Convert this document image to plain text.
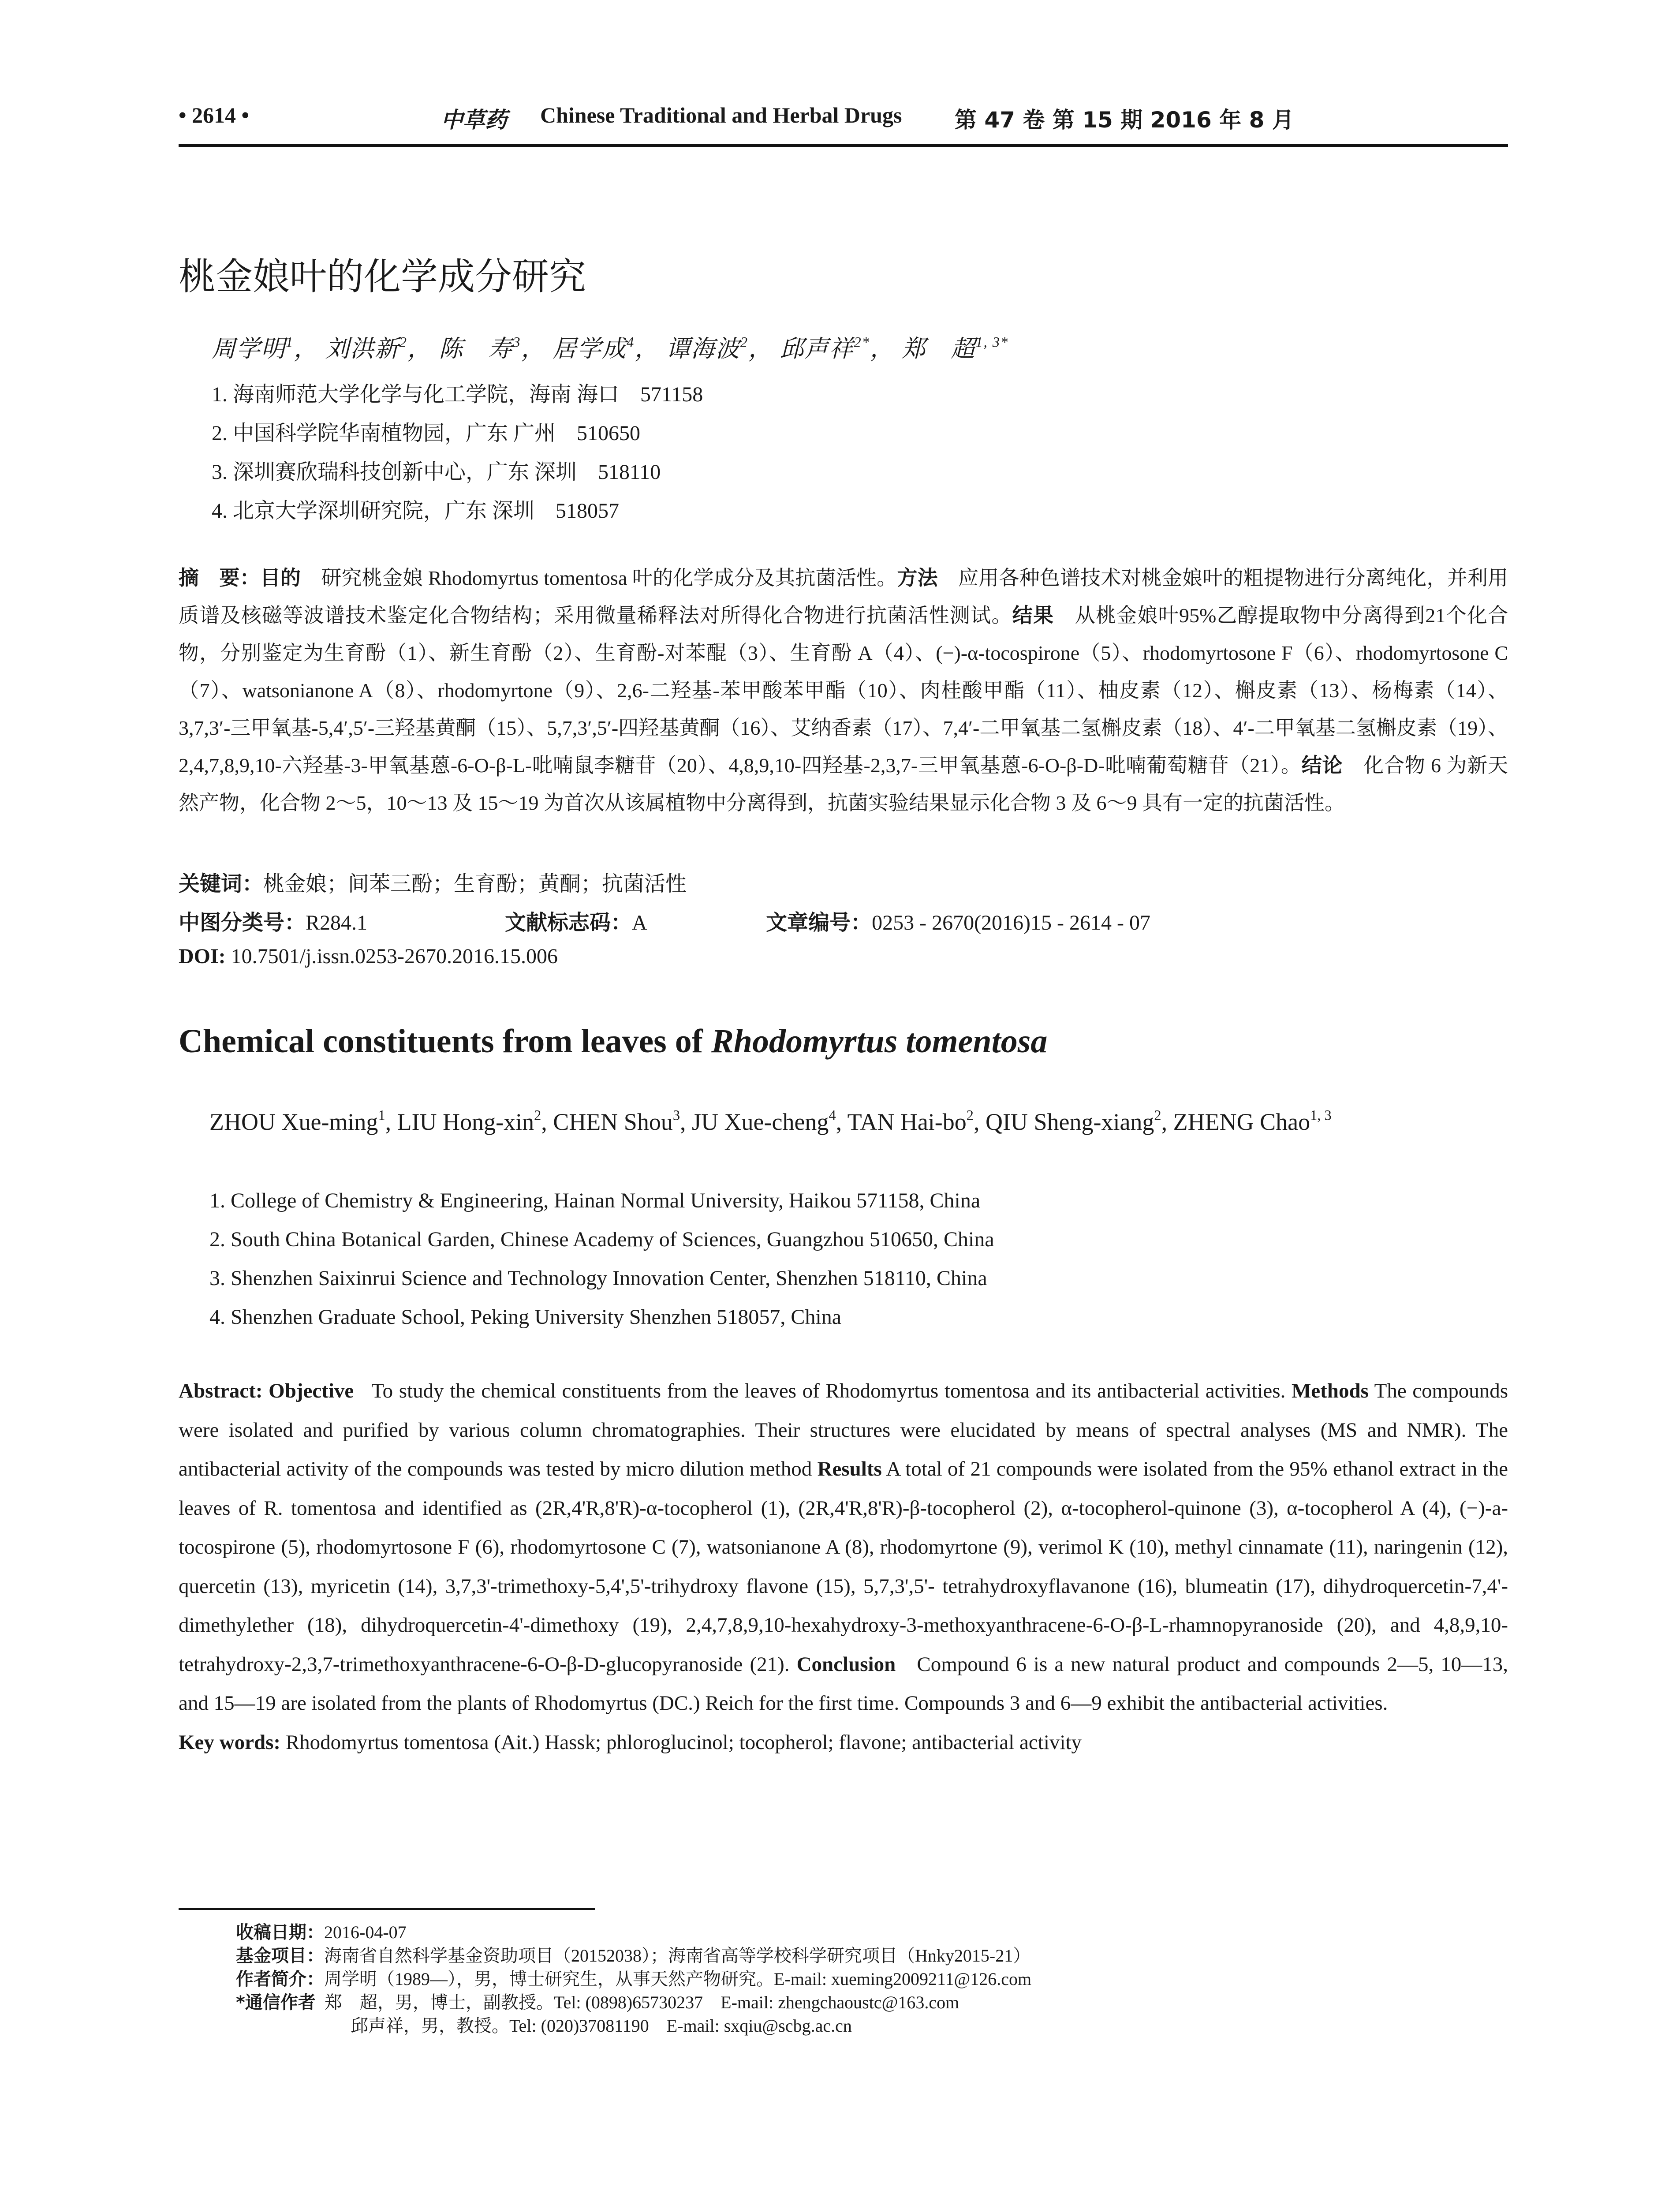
• 2614 •	中草药 Chinese Traditional and Herbal Drugs 第 47 卷 第 15 期 2016 年 8 月
桃金娘叶的化学成分研究
周学明$^1$， 刘洪新$^2$， 陈　寿$^3$， 居学成$^4$， 谭海波$^2$， 邱声祥$^{2*}$， 郑　超$^{1, 3*}$
1. 海南师范大学化学与化工学院，海南 海口　571158
2. 中国科学院华南植物园，广东 广州　510650
3. 深圳赛欣瑞科技创新中心，广东 深圳　518110
4. 北京大学深圳研究院，广东 深圳　518057
摘　要：目的　 研究桃金娘 Rhodomyrtus tomentosa 叶的化学成分及其抗菌活性。方法　 应用各种色谱技术对桃金娘叶的粗提物进行分离纯化，并利用质谱及核磁等波谱技术鉴定化合物结构；采用微量稀释法对所得化合物进行抗菌活性测试。结果　 从桃金娘叶95%乙醇提取物中分离得到21个化合物，分别鉴定为生育酚（1）、新生育酚（2）、生育酚-对苯醌（3）、生育酚 A（4）、(−)-α-tocospirone（5）、rhodomyrtosone F（6）、rhodomyrtosone C（7）、watsonianone A（8）、rhodomyrtone（9）、2,6-二羟基-苯甲酸苯甲酯（10）、肉桂酸甲酯（11）、柚皮素（12）、槲皮素（13）、杨梅素（14）、3,7,3′-三甲氧基-5,4′,5′-三羟基黄酮（15）、5,7,3′,5′-四羟基黄酮（16）、艾纳香素（17）、7,4′-二甲氧基二氢槲皮素（18）、4′-二甲氧基二氢槲皮素（19）、2,4,7,8,9,10-六羟基-3-甲氧基蒽-6-O-β-L-吡喃鼠李糖苷（20）、4,8,9,10-四羟基-2,3,7-三甲氧基蒽-6-O-β-D-吡喃葡萄糖苷（21）。结论　 化合物 6 为新天然产物，化合物 2～5，10～13 及 15～19 为首次从该属植物中分离得到，抗菌实验结果显示化合物 3 及 6～9 具有一定的抗菌活性。
关键词：桃金娘；间苯三酚；生育酚；黄酮；抗菌活性
中图分类号：R284.1	文献标志码：A	文章编号：0253 - 2670(2016)15 - 2614 - 07
DOI: 10.7501/j.issn.0253-2670.2016.15.006
Chemical constituents from leaves of Rhodomyrtus tomentosa
ZHOU Xue-ming$^1$, LIU Hong-xin$^2$, CHEN Shou$^3$, JU Xue-cheng$^4$, TAN Hai-$bo^2$, QIU Sheng-xiang$^2$, ZHENG Chao$^{1, 3}$
1. College of Chemistry & Engineering, Hainan Normal University, Haikou 571158, China
2. South China Botanical Garden, Chinese Academy of Sciences, Guangzhou 510650, China
3. Shenzhen Saixinrui Science and Technology Innovation Center, Shenzhen 518110, China
4. Shenzhen Graduate School, Peking University Shenzhen 518057, China
Abstract: Objective To study the chemical constituents from the leaves of Rhodomyrtus tomentosa and its antibacterial activities. Methods The compounds were isolated and purified by various column chromatographies. Their structures were elucidated by means of spectral analyses (MS and NMR). The antibacterial activity of the compounds was tested by micro dilution method Results A total of 21 compounds were isolated from the 95% ethanol extract in the leaves of R. tomentosa and identified as (2R,4'R,8'R)-α-tocopherol (1), (2R,4'R,8'R)-β-tocopherol (2), α-tocopherol-quinone (3), α-tocopherol A (4), (−)-a-tocospirone (5), rhodomyrtosone F (6), rhodomyrtosone C (7), watsonianone A (8), rhodomyrtone (9), verimol K (10), methyl cinnamate (11), naringenin (12), quercetin (13), myricetin (14), 3,7,3'-trimethoxy-5,4',5'-trihydroxy flavone (15), 5,7,3',5'- tetrahydroxyflavanone (16), blumeatin (17), dihydroquercetin-7,4'-dimethylether (18), dihydroquercetin-4'-dimethoxy (19), 2,4,7,8,9,10-hexahydroxy-3-methoxyanthracene-6-O-β-L-rhamnopyranoside (20), and 4,8,9,10-tetrahydroxy-2,3,7-trimethoxyanthracene-6-O-β-D-glucopyranoside (21). Conclusion Compound 6 is a new natural product and compounds 2—5, 10—13, and 15—19 are isolated from the plants of Rhodomyrtus (DC.) Reich for the first time. Compounds 3 and 6—9 exhibit the antibacterial activities.
Key words: Rhodomyrtus tomentosa (Ait.) Hassk; phloroglucinol; tocopherol; flavone; antibacterial activity
收稿日期：2016-04-07
基金项目：海南省自然科学基金资助项目（20152038）；海南省高等学校科学研究项目（Hnky2015-21）
作者简介：周学明（1989—），男，博士研究生，从事天然产物研究。E-mail: xueming2009211@126.com
*通信作者 郑　超，男，博士，副教授。Tel: (0898)65730237　E-mail: zhengchaoustc@163.com
邱声祥，男，教授。Tel: (020)37081190　E-mail: sxqiu@scbg.ac.cn
